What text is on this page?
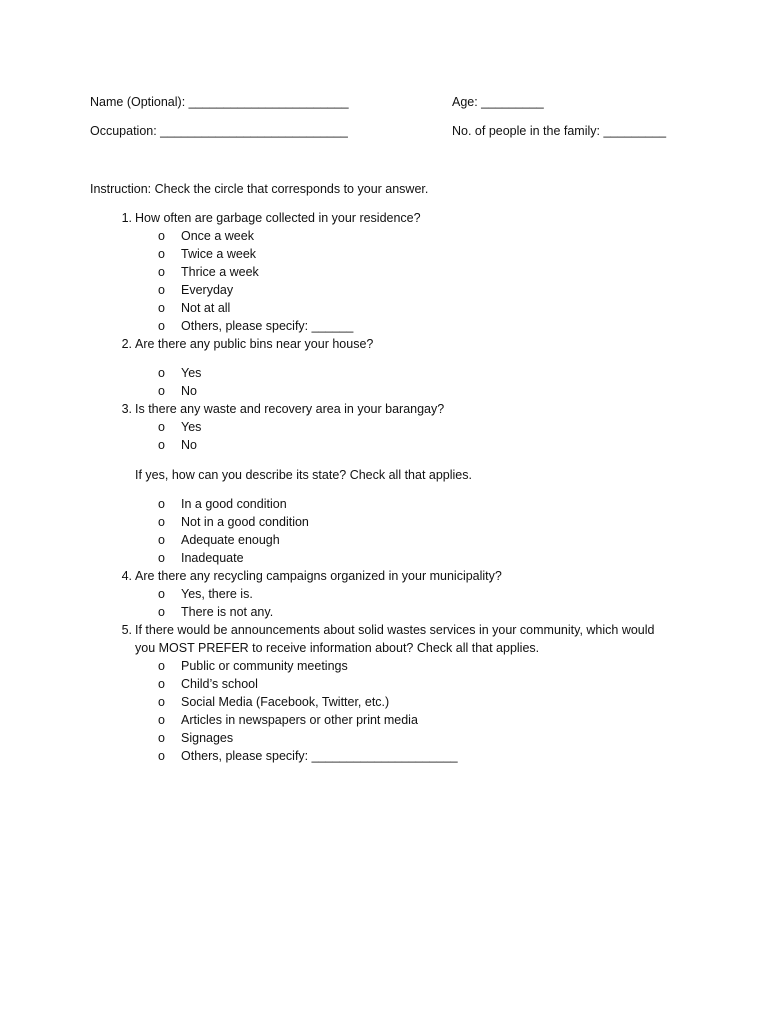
Name (Optional): _______________________	Age: _________
Occupation: ___________________________	No. of people in the family: _________
Instruction: Check the circle that corresponds to your answer.
1. How often are garbage collected in your residence?
o Once a week
o Twice a week
o Thrice a week
o Everyday
o Not at all
o Others, please specify: ______
2. Are there any public bins near your house?
o Yes
o No
3. Is there any waste and recovery area in your barangay?
o Yes
o No
If yes, how can you describe its state? Check all that applies.
o In a good condition
o Not in a good condition
o Adequate enough
o Inadequate
4. Are there any recycling campaigns organized in your municipality?
o Yes, there is.
o There is not any.
5. If there would be announcements about solid wastes services in your community, which would
you MOST PREFER to receive information about? Check all that applies.
o Public or community meetings
o Child’s school
o Social Media (Facebook, Twitter, etc.)
o Articles in newspapers or other print media
o Signages
o Others, please specify: _____________________
